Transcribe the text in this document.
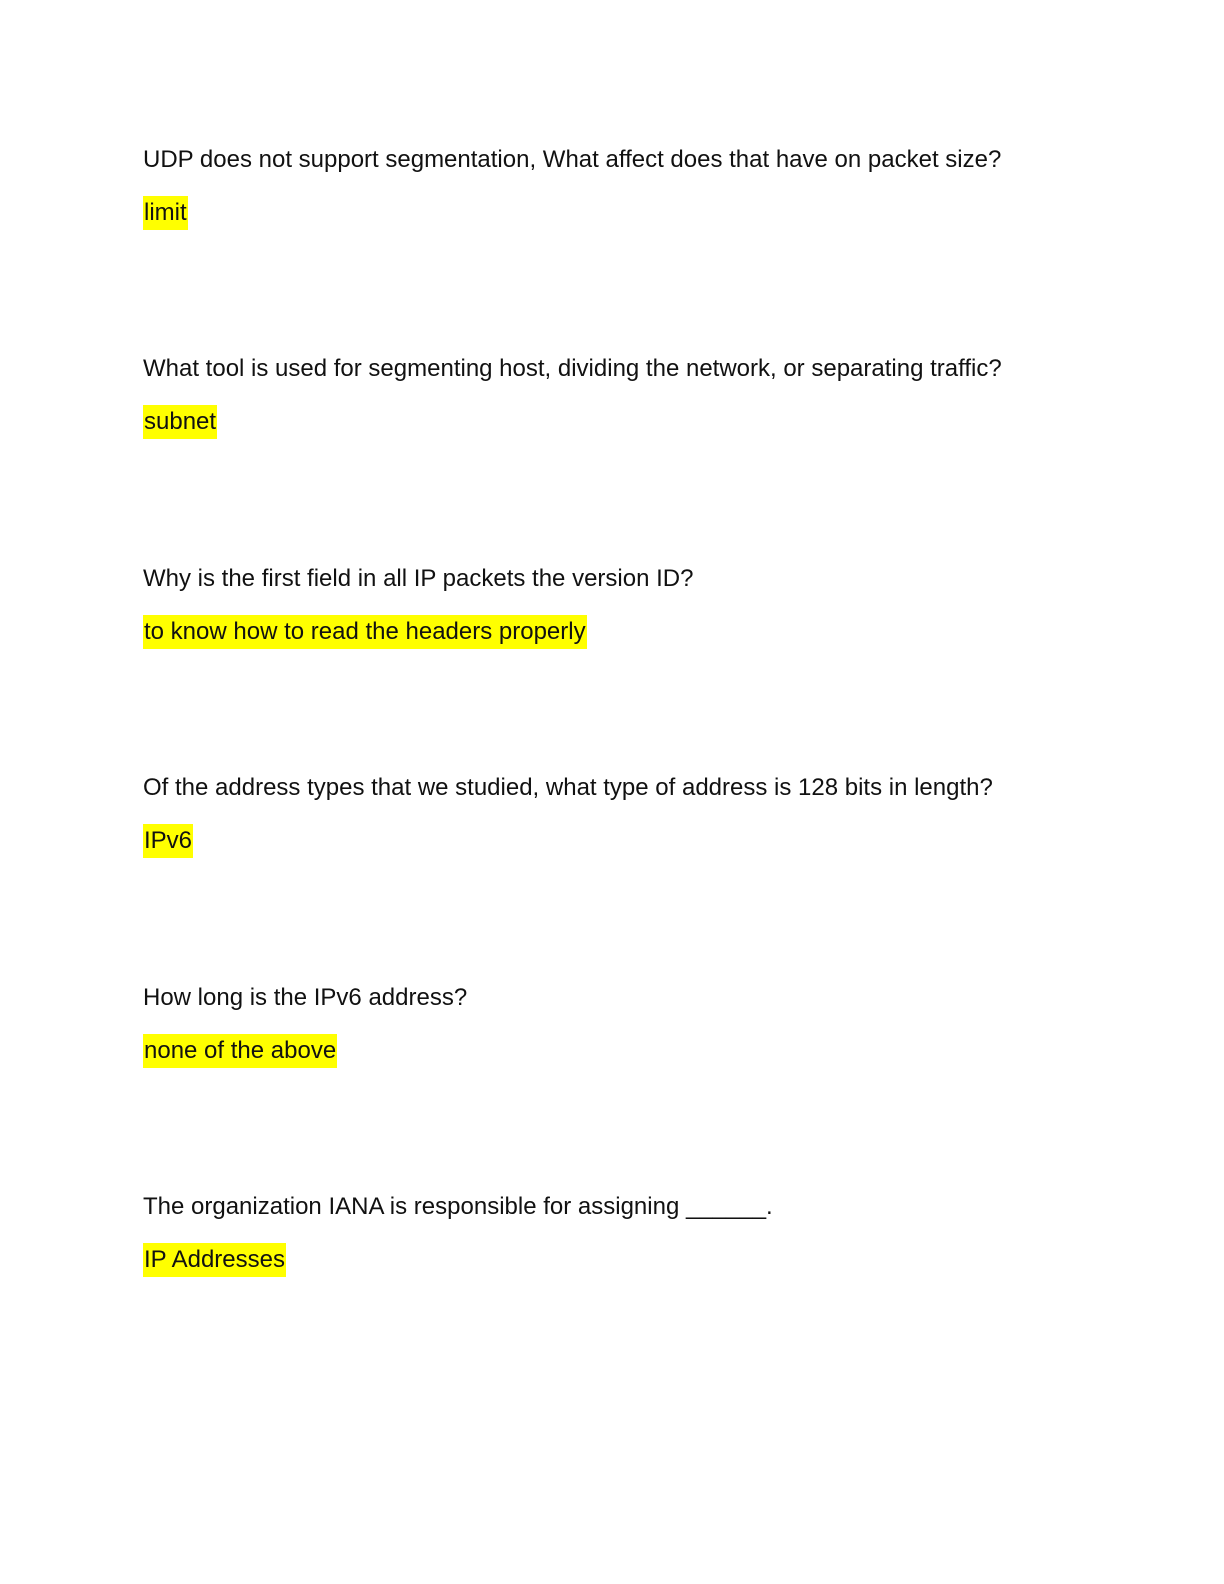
UDP does not support segmentation, What affect does that have on packet size?
limit
What tool is used for segmenting host, dividing the network, or separating traffic?
subnet
Why is the first field in all IP packets the version ID?
to know how to read the headers properly
Of the address types that we studied, what type of address is 128 bits in length?
IPv6
How long is the IPv6 address?
none of the above
The organization IANA is responsible for assigning ______.
IP Addresses
